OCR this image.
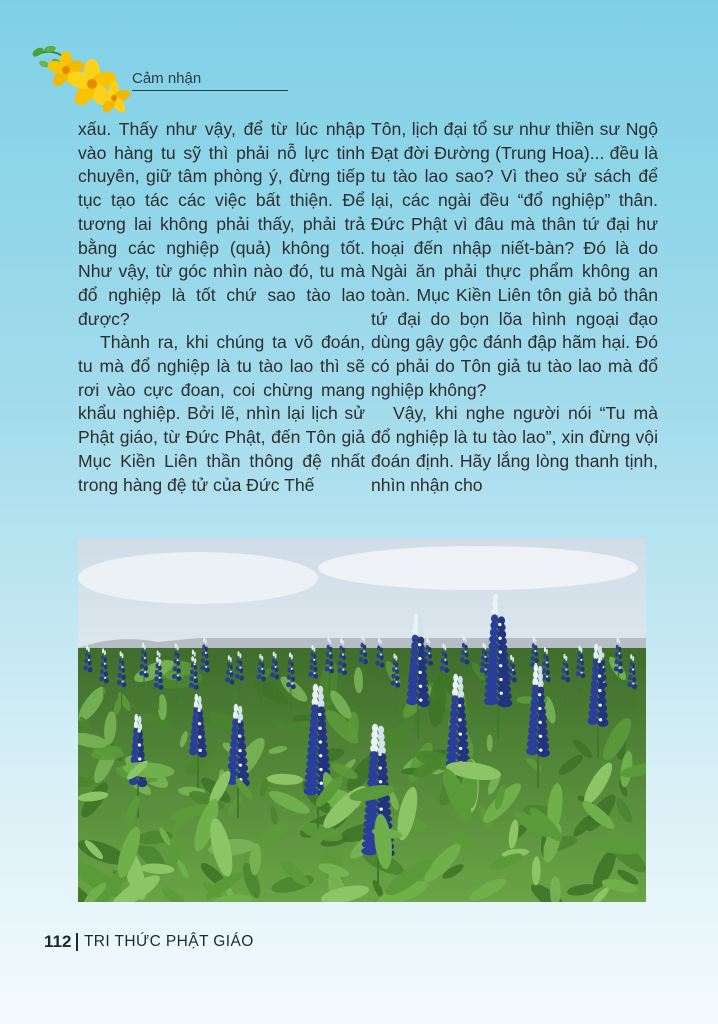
Cảm nhận

xấu. Thấy như vậy, để từ lúc nhập vào hàng tu sỹ thì phải nỗ lực tinh chuyên, giữ tâm phòng ý, đừng tiếp tục tạo tác các việc bất thiện. Để tương lai không phải thấy, phải trả bằng các nghiệp (quả) không tốt. Như vậy, từ góc nhìn nào đó, tu mà đổ nghiệp là tốt chứ sao tào lao được?

Thành ra, khi chúng ta võ đoán, tu mà đổ nghiệp là tu tào lao thì sẽ rơi vào cực đoan, coi chừng mang khẩu nghiệp. Bởi lẽ, nhìn lại lịch sử Phật giáo, từ Đức Phật, đến Tôn giả Mục Kiền Liên thần thông đệ nhất trong hàng đệ tử của Đức Thế

Tôn, lịch đại tổ sư như thiền sư Ngộ Đạt đời Đường (Trung Hoa)... đều là tu tào lao sao? Vì theo sử sách để lại, các ngài đều “đổ nghiệp” thân. Đức Phật vì đâu mà thân tứ đại hư hoại đến nhập niết-bàn? Đó là do Ngài ăn phải thực phẩm không an toàn. Mục Kiền Liên tôn giả bỏ thân tứ đại do bọn lõa hình ngoại đạo dùng gậy gộc đánh đập hãm hại. Đó có phải do Tôn giả tu tào lao mà đổ nghiệp không?

Vậy, khi nghe người nói “Tu mà đổ nghiệp là tu tào lao”, xin đừng vội đoán định. Hãy lắng lòng thanh tịnh, nhìn nhận cho

112 TRI THỨC PHẬT GIÁO
